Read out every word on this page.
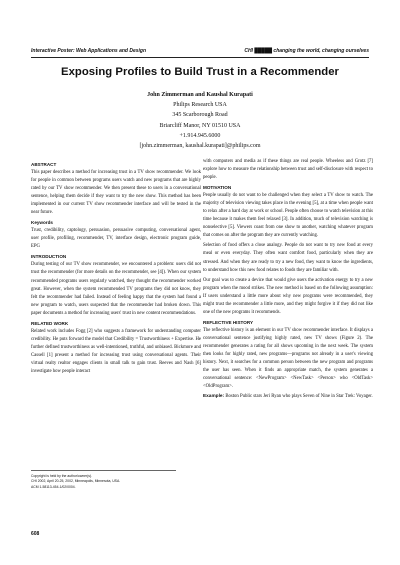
Interactive Poster: Web Applications and Design	CHI █████ changing the world, changing ourselves
Exposing Profiles to Build Trust in a Recommender
John Zimmerman and Kaushal Kurapati
Philips Research USA
345 Scarborough Road
Briarcliff Manor, NY 01510 USA
+1.914.945.6000
[john.zimmerman, kaushal.kurapati]@philips.com
ABSTRACT

This paper describes a method for increasing trust in a TV show recommender. We look for people in common between programs users watch and new programs that are highly rated by our TV show recommender. We then present these to users in a conversational sentence, helping them decide if they want to try the new show. This method has been implemented in our current TV show recommender interface and will be tested in the near future.

Keywords

Trust, credibility, captology, persuasion, persuasive computing, conversational agent, user profile, profiling, recommender, TV, interface design, electronic program guide, EPG

INTRODUCTION

During testing of our TV show recommender, we encountered a problem: users did not trust the recommender (for more details on the recommender, see [4]). When our system recommended programs users regularly watched, they thought the recommender worked great. However, when the system recommended TV programs they did not know, they felt the recommender had failed. Instead of feeling happy that the system had found a new program to watch, users suspected that the recommender had broken down. This paper documents a method for increasing users' trust in new content recommendations.

RELATED WORK

Related work includes Fogg [2] who suggests a framework for understanding computer credibility. He puts forward the model that Credibility = Trustworthiness + Expertise. He further defined trustworthiness as well-intentioned, truthful, and unbiased. Bickmore and Cassell [1] present a method for increasing trust using conversational agents. Their virtual realty realtor engages clients in small talk to gain trust. Reeves and Nash [6] investigate how people interact

Copyright is held by the author/owner(s).
CHI 2002, April 20-25, 2002, Minneapolis, Minnesota, USA.
ACM 1-58113-454-1/02/0004.

with computers and media as if these things are real people. Wheeless and Grotz [7] explore how to measure the relationship between trust and self-disclosure with respect to people.

MOTIVATION

People usually do not want to be challenged when they select a TV show to watch. The majority of television viewing takes place in the evening [5], at a time when people want to relax after a hard day at work or school. People often choose to watch television at this time because it makes them feel relaxed [3]. In addition, much of television watching is nonselective [5]. Viewers coast from one show to another, watching whatever program that comes on after the program they are currently watching.

Selection of food offers a close analogy. People do not want to try new food at every meal or even everyday. They often want comfort food, particularly when they are stressed. And when they are ready to try a new food, they want to know the ingredients, to understand how this new food relates to foods they are familiar with.

Our goal was to create a device that would give users the activation energy to try a new program when the mood strikes. The new method is based on the following assumption: If users understand a little more about why new programs were recommended, they might trust the recommender a little more, and they might forgive it if they did not like one of the new programs it recommends.

REFLECTIVE HISTORY

The reflective history is an element in our TV show recommender interface. It displays a conversational sentence justifying highly rated, new TV shows (Figure 2). The recommender generates a rating for all shows upcoming in the next week. The system then looks for highly rated, new programs—programs not already in a user's viewing history. Next, it searches for a common person between the new program and programs the user has seen. When it finds an appropriate match, the system generates a conversational sentence: <NewProgram> <NewTask> <Person> who <OldTask> <OldProgram>.

Example: Boston Public stars Jeri Ryan who plays Seven of Nine in Star Trek: Voyager.
608
